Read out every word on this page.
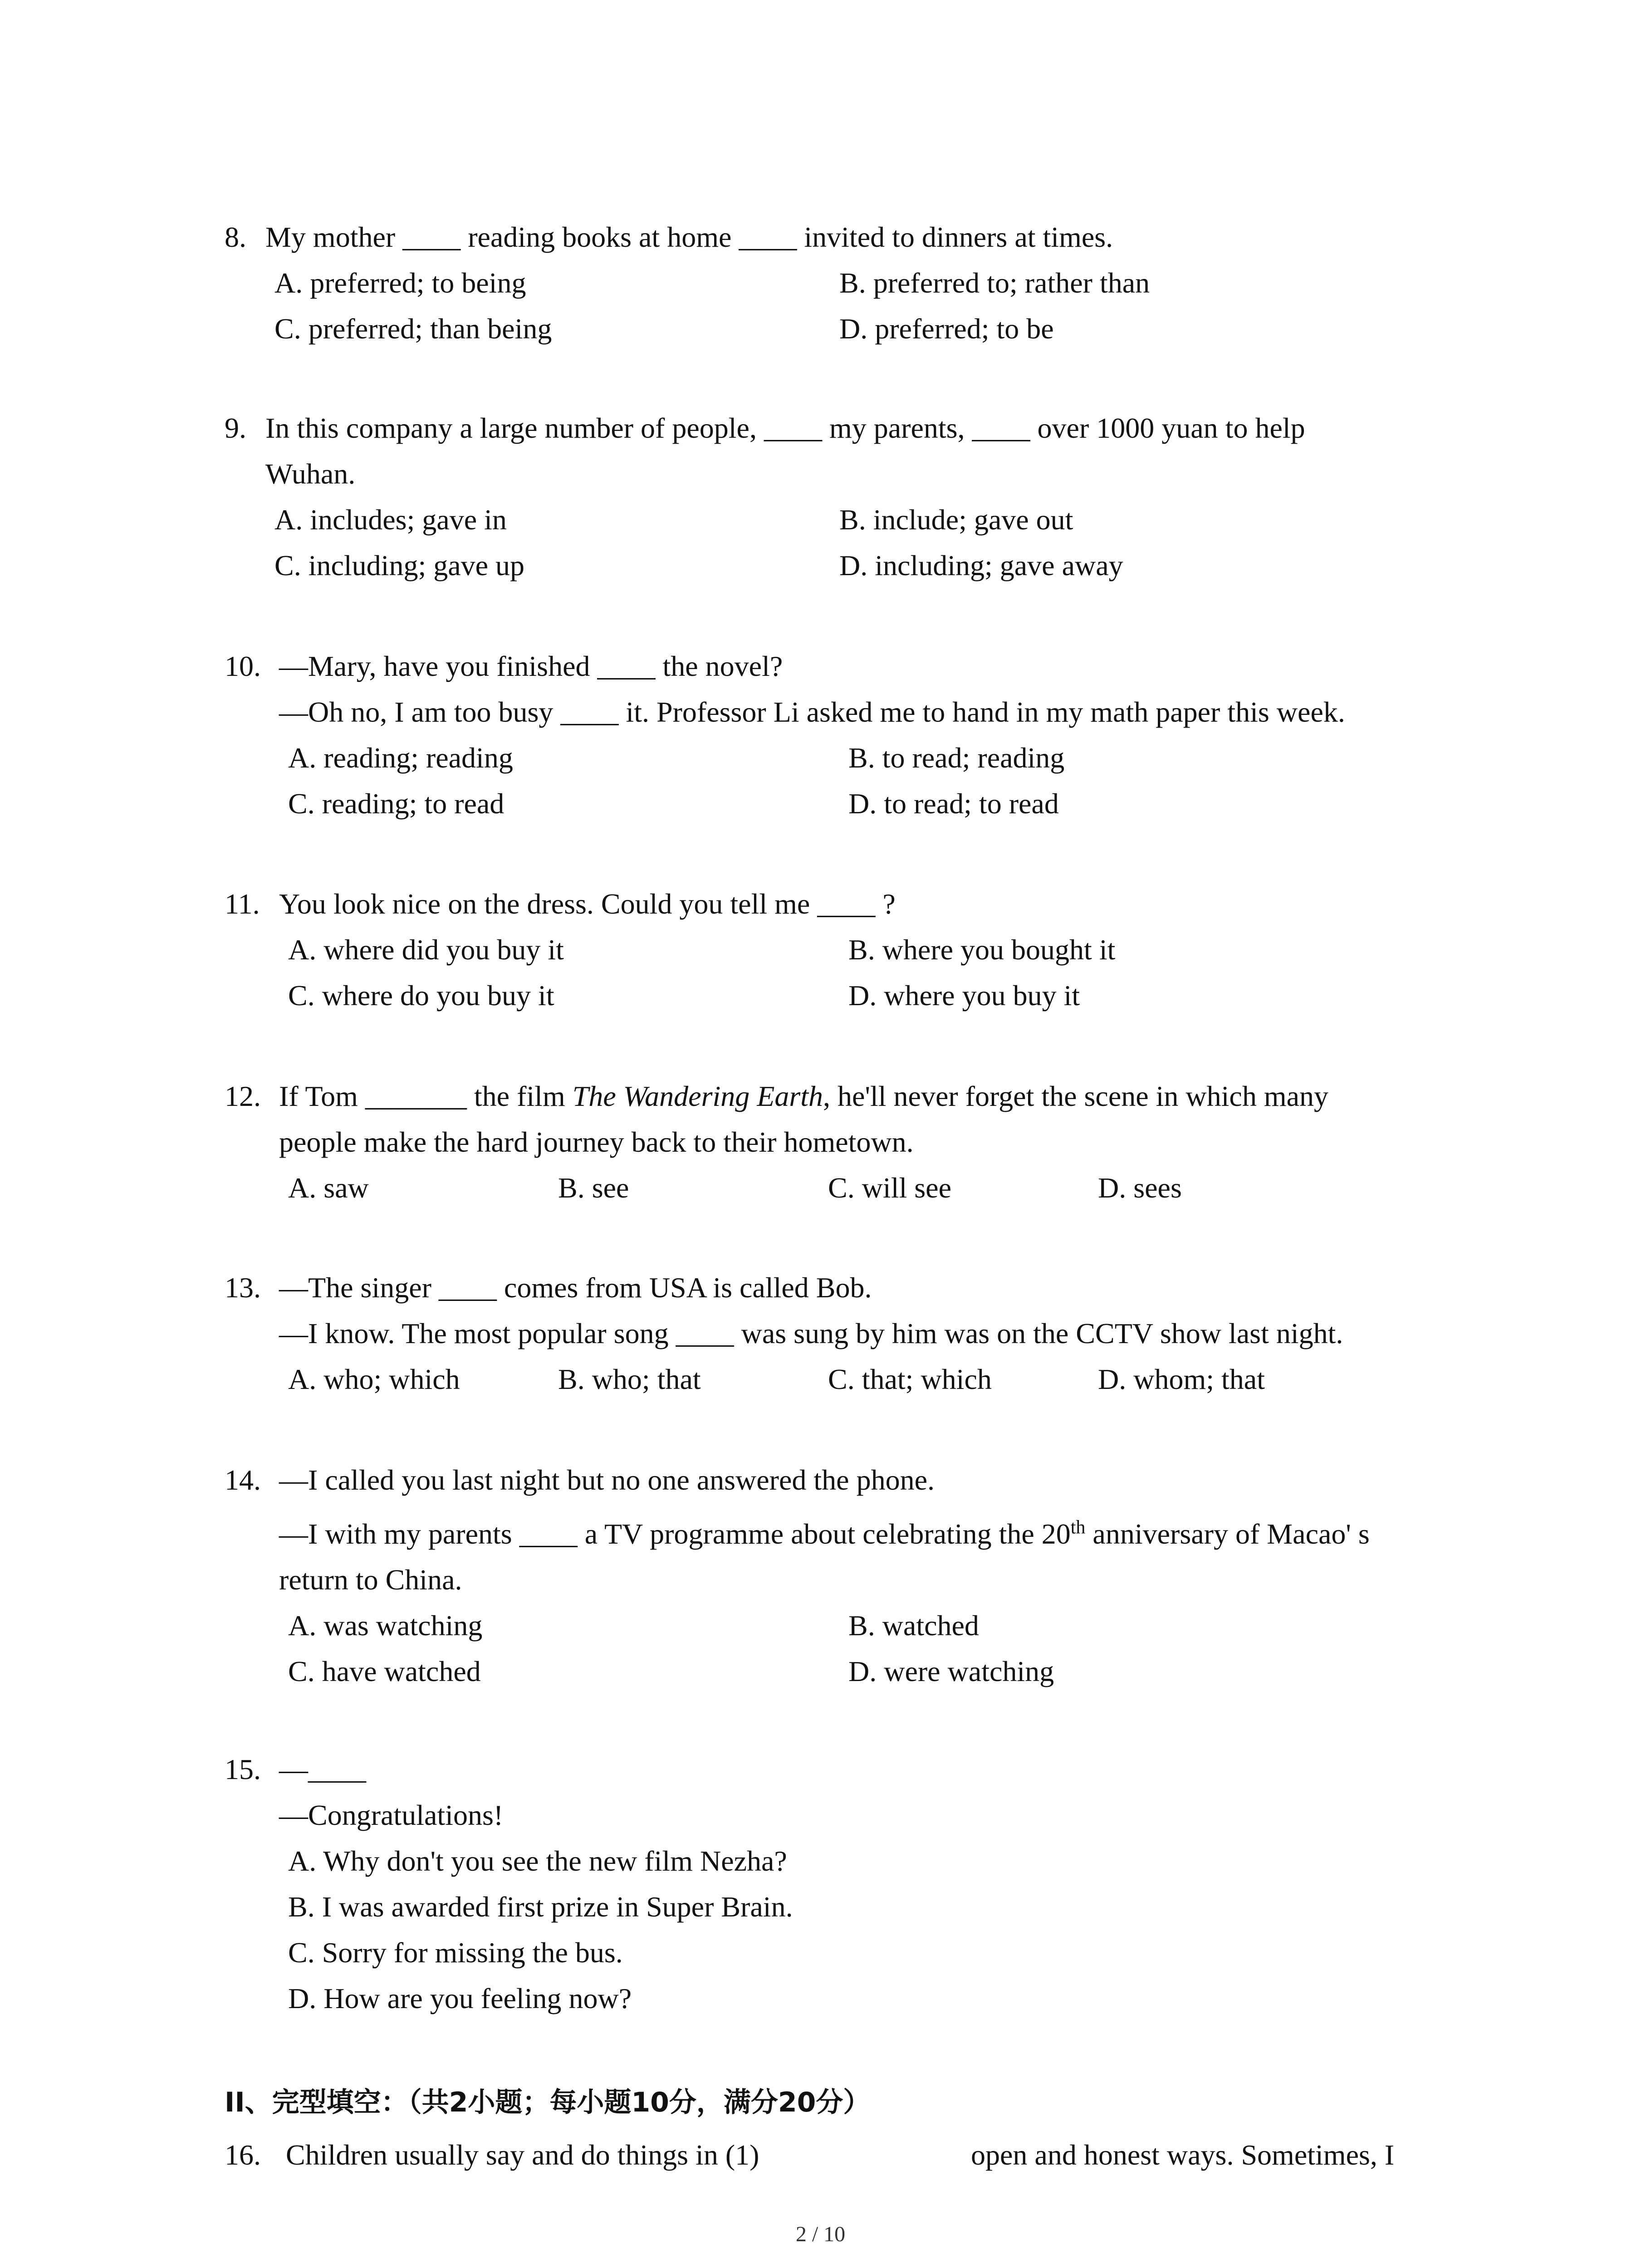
8. My mother ____ reading books at home ____ invited to dinners at times.
A. preferred; to being	B. preferred to; rather than
C. preferred; than being	D. preferred; to be
9. In this company a large number of people, ____ my parents, ____ over 1000 yuan to help
Wuhan.

A. includes; gave in	B. include; gave out
C. including; gave up	D. including; gave away
10. —Mary, have you finished ____ the novel?
—Oh no, I am too busy ____ it. Professor Li asked me to hand in my math paper this week.

A. reading; reading	B. to read; reading
C. reading; to read	D. to read; to read
11. You look nice on the dress. Could you tell me ____ ?
A. where did you buy it	B. where you bought it
C. where do you buy it	D. where you buy it
12. If Tom _______ the film The Wandering Earth, he'll never forget the scene in which many
people make the hard journey back to their hometown.

A. saw	B. see	C. will see	D. sees
13. —The singer ____ comes from USA is called Bob.
—I know. The most popular song ____ was sung by him was on the CCTV show last night.

A. who; which	B. who; that	C. that; which	D. whom; that
14. —I called you last night but no one answered the phone.
—I with my parents ____ a TV programme about celebrating the 20th anniversary of Macao' s

return to China.

A. was watching	B. watched
C. have watched	D. were watching
15. —____
—Congratulations!

A. Why don't you see the new film Nezha?
B. I was awarded first prize in Super Brain.
C. Sorry for missing the bus.
D. How are you feeling now?
II、完型填空：（共2小题；每小题10分，满分20分）
16. Children usually say and do things in (1)	open and honest ways. Sometimes, I
2 / 10
